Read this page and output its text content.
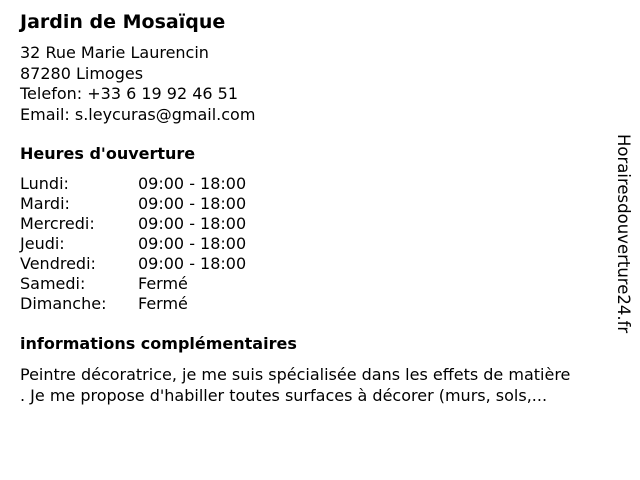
Jardin de Mosaïque
32 Rue Marie Laurencin
87280 Limoges
Telefon: +33 6 19 92 46 51
Email: s.leycuras@gmail.com
Heures d'ouverture
Lundi:	09:00 - 18:00
Mardi:	09:00 - 18:00
Mercredi:	09:00 - 18:00
Jeudi:	09:00 - 18:00
Vendredi:	09:00 - 18:00
Samedi:	Fermé
Dimanche: Fermé
informations complémentaires
Peintre décoratrice, je me suis spécialisée dans les effets de matière
. Je me propose d'habiller toutes surfaces à décorer (murs, sols,...
Horairesdouverture24.fr
